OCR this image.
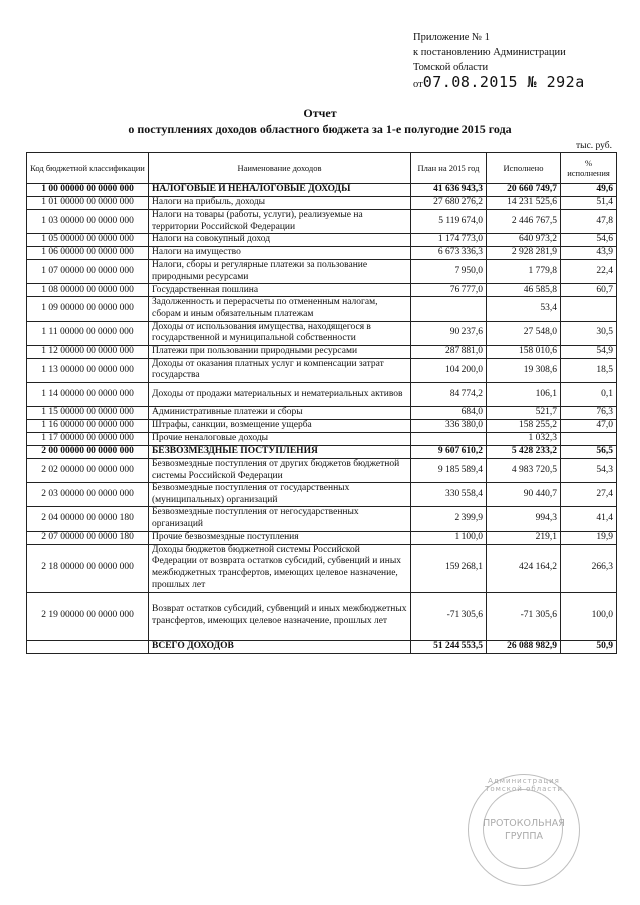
Приложение № 1
к постановлению Администрации
Томской области
от07.08.2015 № 292а
Отчет
о поступлениях доходов областного бюджета за 1-е полугодие 2015 года
тыс. руб.
Код бюджетной классификации	Наименование доходов	План на 2015 год	Исполнено	% исполнения
1 00 00000 00 0000 000	НАЛОГОВЫЕ И НЕНАЛОГОВЫЕ ДОХОДЫ	41 636 943,3	20 660 749,7	49,6
1 01 00000 00 0000 000	Налоги на прибыль, доходы	27 680 276,2	14 231 525,6	51,4
1 03 00000 00 0000 000	Налоги на товары (работы, услуги), реализуемые на территории Российской Федерации	5 119 674,0	2 446 767,5	47,8
1 05 00000 00 0000 000	Налоги на совокупный доход	1 174 773,0	640 973,2	54,6
1 06 00000 00 0000 000	Налоги на имущество	6 673 336,3	2 928 281,9	43,9
1 07 00000 00 0000 000	Налоги, сборы и регулярные платежи за пользование природными ресурсами	7 950,0	1 779,8	22,4
1 08 00000 00 0000 000	Государственная пошлина	76 777,0	46 585,8	60,7
1 09 00000 00 0000 000	Задолженность и перерасчеты по отмененным налогам, сборам и иным обязательным платежам		53,4	
1 11 00000 00 0000 000	Доходы от использования имущества, находящегося в государственной и муниципальной собственности	90 237,6	27 548,0	30,5
1 12 00000 00 0000 000	Платежи при пользовании природными ресурсами	287 881,0	158 010,6	54,9
1 13 00000 00 0000 000	Доходы от оказания платных услуг и компенсации затрат государства	104 200,0	19 308,6	18,5
1 14 00000 00 0000 000	Доходы от продажи материальных и нематериальных активов	84 774,2	106,1	0,1
1 15 00000 00 0000 000	Административные платежи и сборы	684,0	521,7	76,3
1 16 00000 00 0000 000	Штрафы, санкции, возмещение ущерба	336 380,0	158 255,2	47,0
1 17 00000 00 0000 000	Прочие неналоговые доходы		1 032,3	
2 00 00000 00 0000 000	БЕЗВОЗМЕЗДНЫЕ ПОСТУПЛЕНИЯ	9 607 610,2	5 428 233,2	56,5
2 02 00000 00 0000 000	Безвозмездные поступления от других бюджетов бюджетной системы Российской Федерации	9 185 589,4	4 983 720,5	54,3
2 03 00000 00 0000 000	Безвозмездные поступления от государственных (муниципальных) организаций	330 558,4	90 440,7	27,4
2 04 00000 00 0000 180	Безвозмездные поступления от негосударственных организаций	2 399,9	994,3	41,4
2 07 00000 00 0000 180	Прочие безвозмездные поступления	1 100,0	219,1	19,9
2 18 00000 00 0000 000	Доходы бюджетов бюджетной системы Российской Федерации от возврата остатков субсидий, субвенций и иных межбюджетных трансфертов, имеющих целевое назначение, прошлых лет	159 268,1	424 164,2	266,3
2 19 00000 00 0000 000	Возврат остатков субсидий, субвенций и иных межбюджетных трансфертов, имеющих целевое назначение, прошлых лет	-71 305,6	-71 305,6	100,0
	ВСЕГО ДОХОДОВ	51 244 553,5	26 088 982,9	50,9
Администрация Томской области
ПРОТОКОЛЬНАЯ
ГРУППА
